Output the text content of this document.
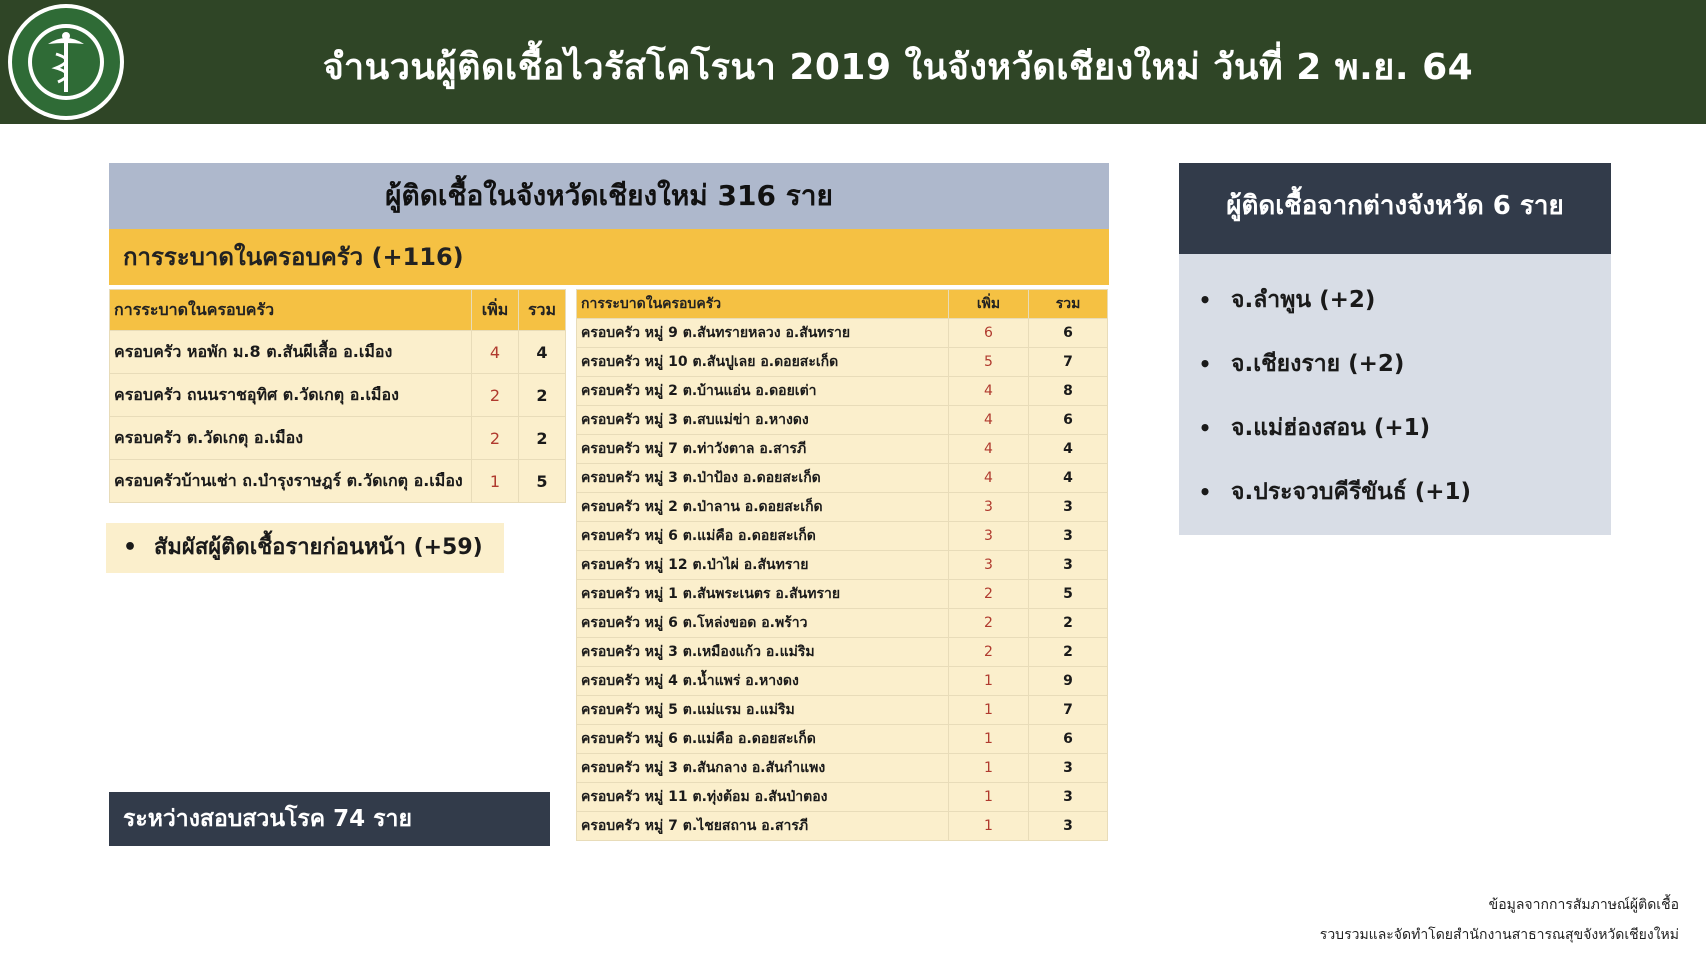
จำนวนผู้ติดเชื้อไวรัสโคโรนา 2019 ในจังหวัดเชียงใหม่ วันที่ 2 พ.ย. 64
ผู้ติดเชื้อในจังหวัดเชียงใหม่ 316 ราย
การระบาดในครอบครัว (+116)
การระบาดในครอบครัว	เพิ่ม	รวม
ครอบครัว หอพัก ม.8 ต.สันผีเสื้อ อ.เมือง	4	4
ครอบครัว ถนนราชอุทิศ ต.วัดเกตุ อ.เมือง	2	2
ครอบครัว ต.วัดเกตุ อ.เมือง	2	2
ครอบครัวบ้านเช่า ถ.บำรุงราษฎร์ ต.วัดเกตุ อ.เมือง	1	5
การระบาดในครอบครัว	เพิ่ม	รวม
ครอบครัว หมู่ 9 ต.สันทรายหลวง อ.สันทราย	6	6
ครอบครัว หมู่ 10 ต.สันปูเลย อ.ดอยสะเก็ด	5	7
ครอบครัว หมู่ 2 ต.บ้านแอ่น อ.ดอยเต่า	4	8
ครอบครัว หมู่ 3 ต.สบแม่ข่า อ.หางดง	4	6
ครอบครัว หมู่ 7 ต.ท่าวังตาล อ.สารภี	4	4
ครอบครัว หมู่ 3 ต.ป่าป้อง อ.ดอยสะเก็ด	4	4
ครอบครัว หมู่ 2 ต.ป่าลาน อ.ดอยสะเก็ด	3	3
ครอบครัว หมู่ 6 ต.แม่คือ อ.ดอยสะเก็ด	3	3
ครอบครัว หมู่ 12 ต.ป่าไผ่ อ.สันทราย	3	3
ครอบครัว หมู่ 1 ต.สันพระเนตร อ.สันทราย	2	5
ครอบครัว หมู่ 6 ต.โหล่งขอด อ.พร้าว	2	2
ครอบครัว หมู่ 3 ต.เหมืองแก้ว อ.แม่ริม	2	2
ครอบครัว หมู่ 4 ต.น้ำแพร่ อ.หางดง	1	9
ครอบครัว หมู่ 5 ต.แม่แรม อ.แม่ริม	1	7
ครอบครัว หมู่ 6 ต.แม่คือ อ.ดอยสะเก็ด	1	6
ครอบครัว หมู่ 3 ต.สันกลาง อ.สันกำแพง	1	3
ครอบครัว หมู่ 11 ต.ทุ่งต้อม อ.สันป่าตอง	1	3
ครอบครัว หมู่ 7 ต.ไชยสถาน อ.สารภี	1	3
• สัมผัสผู้ติดเชื้อรายก่อนหน้า (+59)
ระหว่างสอบสวนโรค 74 ราย
ผู้ติดเชื้อจากต่างจังหวัด 6 ราย
• จ.ลำพูน (+2)
• จ.เชียงราย (+2)
• จ.แม่ฮ่องสอน (+1)
• จ.ประจวบคีรีขันธ์ (+1)
ข้อมูลจากการสัมภาษณ์ผู้ติดเชื้อ
รวบรวมและจัดทำโดยสำนักงานสาธารณสุขจังหวัดเชียงใหม่
